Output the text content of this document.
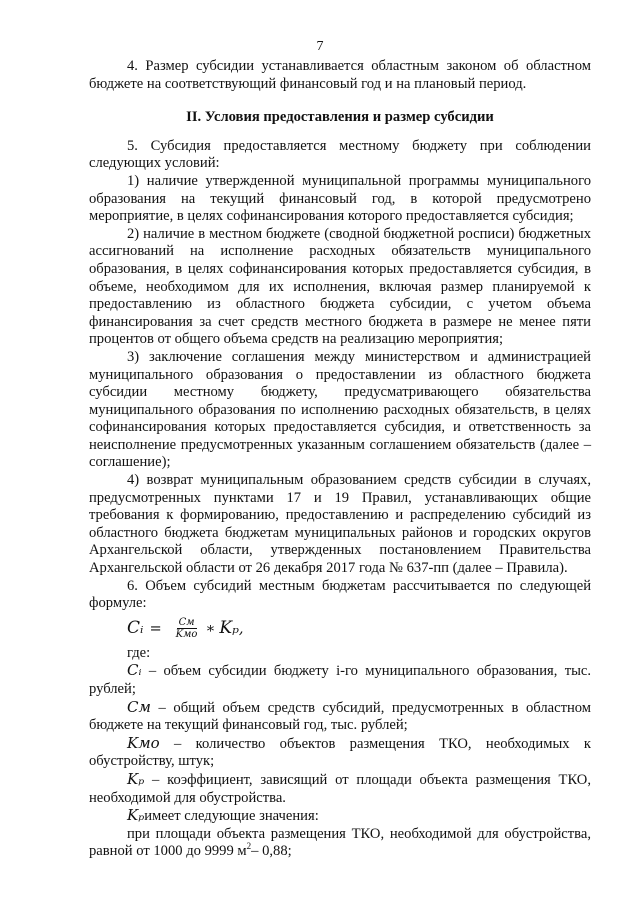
7

4. Размер субсидии устанавливается областным законом об областном бюджете на соответствующий финансовый год и на плановый период.

II. Условия предоставления и размер субсидии

5. Субсидия предоставляется местному бюджету при соблюдении следующих условий:

1) наличие утвержденной муниципальной программы муниципального образования на текущий финансовый год, в которой предусмотрено мероприятие, в целях софинансирования которого предоставляется субсидия;

2) наличие в местном бюджете (сводной бюджетной росписи) бюджетных ассигнований на исполнение расходных обязательств муниципального образования, в целях софинансирования которых предоставляется субсидия, в объеме, необходимом для их исполнения, включая размер планируемой к предоставлению из областного бюджета субсидии, с учетом объема финансирования за счет средств местного бюджета в размере не менее пяти процентов от общего объема средств на реализацию мероприятия;

3) заключение соглашения между министерством и администрацией муниципального образования о предоставлении из областного бюджета субсидии местному бюджету, предусматривающего обязательства муниципального образования по исполнению расходных обязательств, в целях софинансирования которых предоставляется субсидия, и ответственность за неисполнение предусмотренных указанным соглашением обязательств (далее – соглашение);

4) возврат муниципальным образованием средств субсидии в случаях, предусмотренных пунктами 17 и 19 Правил, устанавливающих общие требования к формированию, предоставлению и распределению субсидий из областного бюджета бюджетам муниципальных районов и городских округов Архангельской области, утвержденных постановлением Правительства Архангельской области от 26 декабря 2017 года № 637-пп (далее – Правила).

6. Объем субсидий местным бюджетам рассчитывается по следующей формуле:

Cᵢ = $\frac{Cм}{\text{Kмо}}$ ∗ Kₚ ,

где:

Cᵢ – объем субсидии бюджету i-го муниципального образования, тыс. рублей;

Cм – общий объем средств субсидий, предусмотренных в областном бюджете на текущий финансовый год, тыс. рублей;

Kмо – количество объектов размещения ТКО, необходимых к обустройству, штук;

Kₚ – коэффициент, зависящий от площади объекта размещения ТКО, необходимой для обустройства.

Kₚимеет следующие значения:

при площади объекта размещения ТКО, необходимой для обустройства, равной от 1000 до 9999 $м^2-$ 0,88;
